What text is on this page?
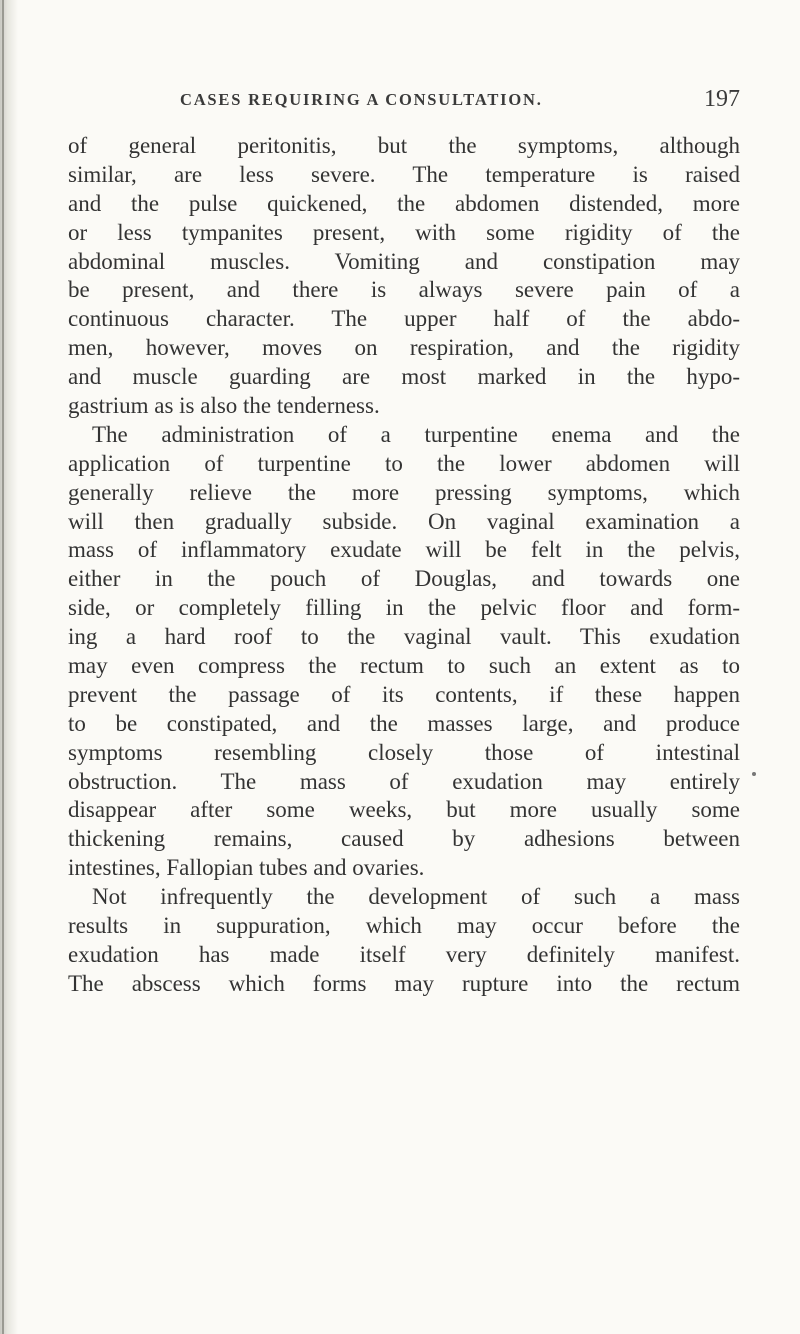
CASES REQUIRING A CONSULTATION.	197
of general peritonitis, but the symptoms, although
similar, are less severe. The temperature is raised
and the pulse quickened, the abdomen distended, more
or less tympanites present, with some rigidity of the
abdominal muscles. Vomiting and constipation may
be present, and there is always severe pain of a
continuous character. The upper half of the abdo-
men, however, moves on respiration, and the rigidity
and muscle guarding are most marked in the hypo-
gastrium as is also the tenderness.
The administration of a turpentine enema and the
application of turpentine to the lower abdomen will
generally relieve the more pressing symptoms, which
will then gradually subside. On vaginal examination a
mass of inflammatory exudate will be felt in the pelvis,
either in the pouch of Douglas, and towards one
side, or completely filling in the pelvic floor and form-
ing a hard roof to the vaginal vault. This exudation
may even compress the rectum to such an extent as to
prevent the passage of its contents, if these happen
to be constipated, and the masses large, and produce
symptoms resembling closely those of intestinal
obstruction. The mass of exudation may entirely
disappear after some weeks, but more usually some
thickening remains, caused by adhesions between
intestines, Fallopian tubes and ovaries.
Not infrequently the development of such a mass
results in suppuration, which may occur before the
exudation has made itself very definitely manifest.
The abscess which forms may rupture into the rectum
